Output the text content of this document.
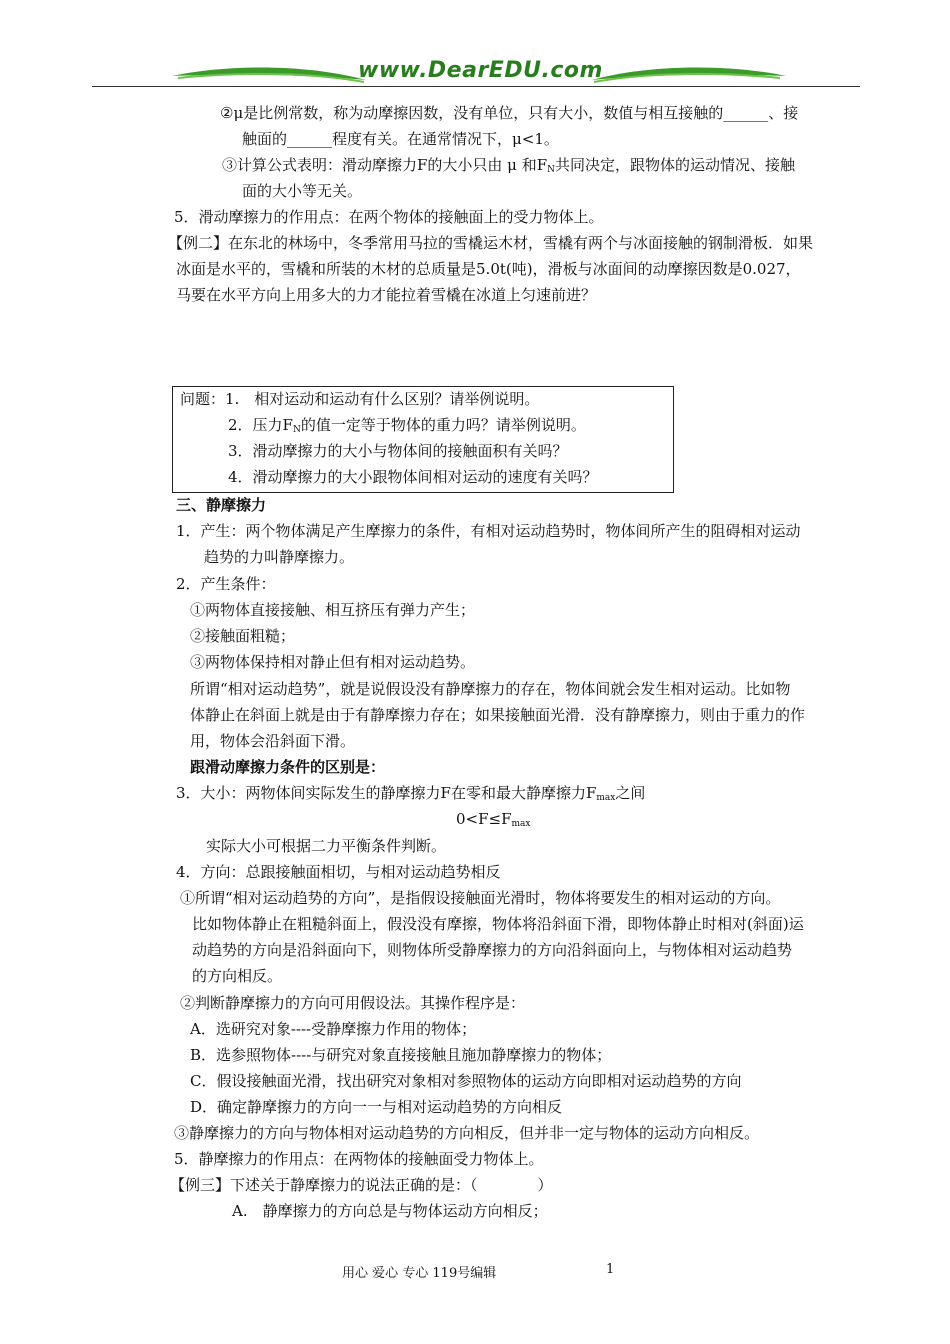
www.DearEDU.com
②μ是比例常数，称为动摩擦因数，没有单位，只有大小，数值与相互接触的______、接
触面的______程度有关。在通常情况下，μ<1。
③计算公式表明：滑动摩擦力F的大小只由 μ 和$F_N$共同决定，跟物体的运动情况、接触
面的大小等无关。
5．滑动摩擦力的作用点：在两个物体的接触面上的受力物体上。
【例二】在东北的林场中，冬季常用马拉的雪橇运木材，雪橇有两个与冰面接触的钢制滑板．如果
冰面是水平的，雪橇和所装的木材的总质量是5.0t(吨)，滑板与冰面间的动摩擦因数是0.027，
马要在水平方向上用多大的力才能拉着雪橇在冰道上匀速前进？
问题：1.　相对运动和运动有什么区别？请举例说明。
2．压力$F_N$的值一定等于物体的重力吗？请举例说明。
3．滑动摩擦力的大小与物体间的接触面积有关吗？
4．滑动摩擦力的大小跟物体间相对运动的速度有关吗？
三、静摩擦力
1．产生：两个物体满足产生摩擦力的条件，有相对运动趋势时，物体间所产生的阻碍相对运动
趋势的力叫静摩擦力。
2．产生条件：
①两物体直接接触、相互挤压有弹力产生；
②接触面粗糙；
③两物体保持相对静止但有相对运动趋势。
所谓“相对运动趋势”，就是说假设没有静摩擦力的存在，物体间就会发生相对运动。比如物
体静止在斜面上就是由于有静摩擦力存在；如果接触面光滑．没有静摩擦力，则由于重力的作
用，物体会沿斜面下滑。
跟滑动摩擦力条件的区别是：
3．大小：两物体间实际发生的静摩擦力F在零和最大静摩擦力$F_{max}$之间
$0<F\le F_{max}$
实际大小可根据二力平衡条件判断。
4．方向：总跟接触面相切，与相对运动趋势相反
①所谓“相对运动趋势的方向”，是指假设接触面光滑时，物体将要发生的相对运动的方向。
比如物体静止在粗糙斜面上，假没没有摩擦，物体将沿斜面下滑，即物体静止时相对(斜面)运
动趋势的方向是沿斜面向下，则物体所受静摩擦力的方向沿斜面向上，与物体相对运动趋势
的方向相反。
②判断静摩擦力的方向可用假设法。其操作程序是：
A．选研究对象----受静摩擦力作用的物体；
B．选参照物体----与研究对象直接接触且施加静摩擦力的物体；
C．假设接触面光滑，找出研究对象相对参照物体的运动方向即相对运动趋势的方向
D．确定静摩擦力的方向一一与相对运动趋势的方向相反
③静摩擦力的方向与物体相对运动趋势的方向相反，但并非一定与物体的运动方向相反。
5．静摩擦力的作用点：在两物体的接触面受力物体上。
【例三】下述关于静摩擦力的说法正确的是：（　　　　）
A.　静摩擦力的方向总是与物体运动方向相反；
用心 爱心 专心 119号编辑	1
